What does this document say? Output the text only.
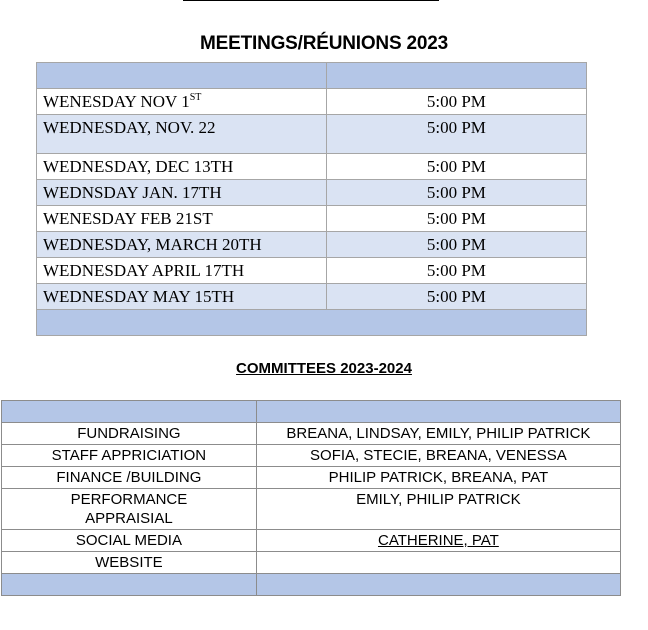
MEETINGS/RÉUNIONS 2023

WENESDAY NOV 1ST	5:00 PM
WEDNESDAY, NOV. 22	5:00 PM
WEDNESDAY, DEC 13TH	5:00 PM
WEDNSDAY JAN. 17TH	5:00 PM
WENESDAY FEB 21ST	5:00 PM
WEDNESDAY, MARCH 20TH	5:00 PM
WEDNESDAY APRIL 17TH	5:00 PM
WEDNESDAY MAY 15TH	5:00 PM

COMMITTEES 2023-2024

FUNDRAISING	BREANA, LINDSAY, EMILY, PHILIP PATRICK
STAFF APPRICIATION	SOFIA, STECIE, BREANA, VENESSA
FINANCE /BUILDING	PHILIP PATRICK, BREANA, PAT
PERFORMANCE APPRAISIAL	EMILY, PHILIP PATRICK
SOCIAL MEDIA	CATHERINE, PAT
WEBSITE	
